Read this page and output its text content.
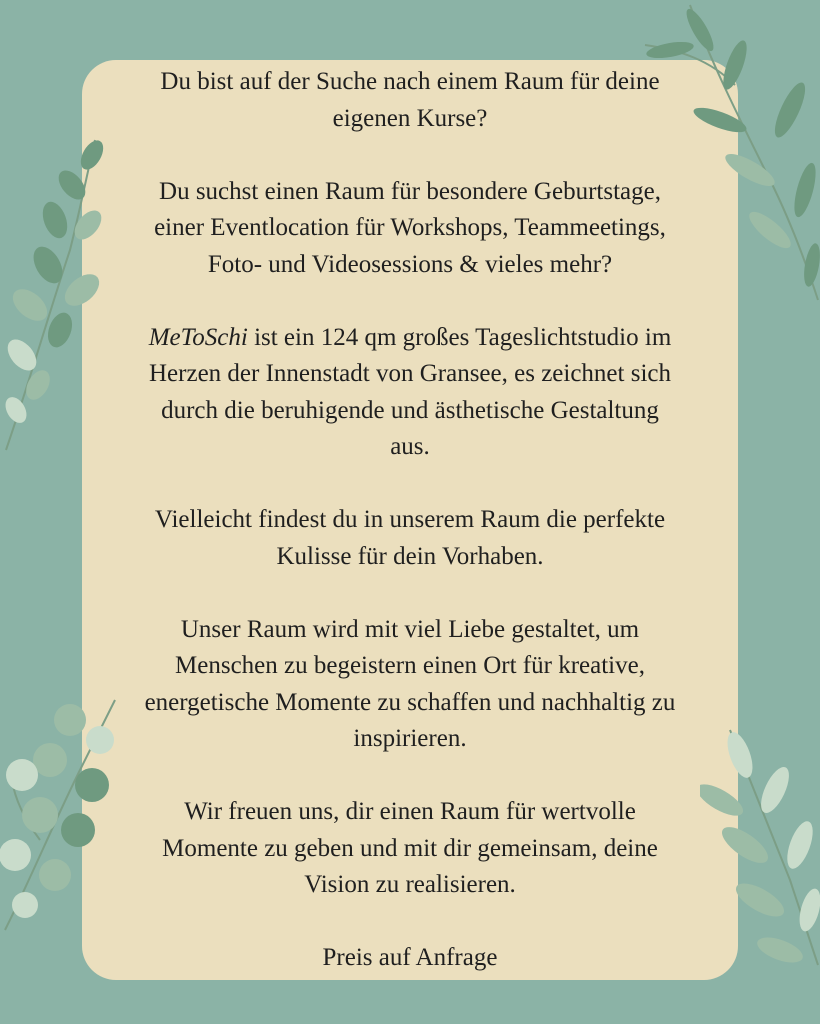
Du bist auf der Suche nach einem Raum für deine
eigenen Kurse?

Du suchst einen Raum für besondere Geburtstage,
einer Eventlocation für Workshops, Teammeetings,
Foto- und Videosessions & vieles mehr?

MeToSchi ist ein 124 qm großes Tageslichtstudio im
Herzen der Innenstadt von Gransee, es zeichnet sich
durch die beruhigende und ästhetische Gestaltung
aus.

Vielleicht findest du in unserem Raum die perfekte
Kulisse für dein Vorhaben.

Unser Raum wird mit viel Liebe gestaltet, um
Menschen zu begeistern einen Ort für kreative,
energetische Momente zu schaffen und nachhaltig zu
inspirieren.

Wir freuen uns, dir einen Raum für wertvolle
Momente zu geben und mit dir gemeinsam, deine
Vision zu realisieren.

Preis auf Anfrage
